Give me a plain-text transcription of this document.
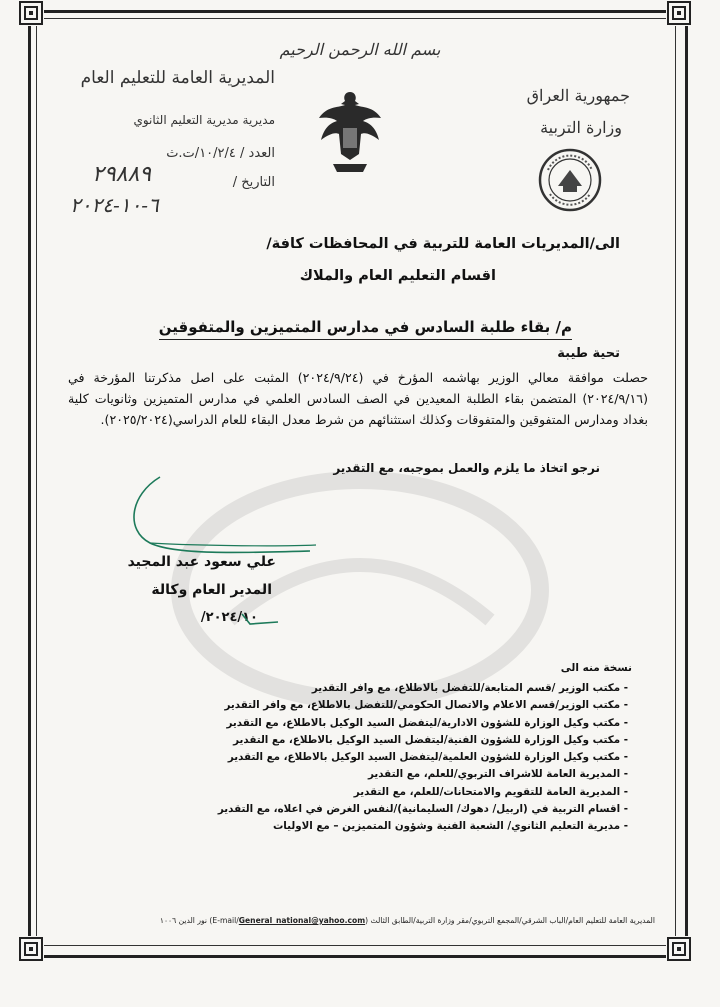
بسم الله الرحمن الرحيم
المديرية العامة للتعليم العام
مديرية مديرية التعليم الثانوي
العدد / ١٠/٢/٤/ت.ث
التاريخ /
٢٩٨٨٩
٦-١٠-٢٠٢٤
جمهورية العراق
وزارة التربية
الى/المديريات العامة للتربية في المحافظات كافة/
اقسام التعليم العام والملاك
م/ بقاء طلبة السادس في مدارس المتميزين والمتفوقين
تحية طيبة
حصلت موافقة معالي الوزير بهاشمه المؤرخ في (٢٠٢٤/٩/٢٤) المثبت على اصل مذكرتنا المؤرخة في (٢٠٢٤/٩/١٦) المتضمن بقاء الطلبة المعيدين في الصف السادس العلمي في مدارس المتميزين وثانويات كلية بغداد ومدارس المتفوقين والمتفوقات وكذلك استثنائهم من شرط معدل البقاء للعام الدراسي(٢٠٢٥/٢٠٢٤).
نرجو اتخاذ ما يلزم والعمل بموجبه، مع التقدير
علي سعود عبد المجيد
المدير العام وكالة
٢٠٢٤/١٠/
نسخة منه الى
- مكتب الوزير /قسم المتابعة/للتفضل بالاطلاع، مع وافر التقدير
- مكتب الوزير/قسم الاعلام والاتصال الحكومي/للتفضل بالاطلاع، مع وافر التقدير
- مكتب وكيل الوزارة للشؤون الادارية/ليتفضل السيد الوكيل بالاطلاع، مع التقدير
- مكتب وكيل الوزارة للشؤون الفنية/ليتفضل السيد الوكيل بالاطلاع، مع التقدير
- مكتب وكيل الوزارة للشؤون العلمية/ليتفضل السيد الوكيل بالاطلاع، مع التقدير
- المديرية العامة للاشراف التربوي/للعلم، مع التقدير
- المديرية العامة للتقويم والامتحانات/للعلم، مع التقدير
- اقسام التربية في (اربيل/ دهوك/ السليمانية)/لنفس الغرض في اعلاه، مع التقدير
- مديرية التعليم الثانوي/ الشعبة الفنية وشؤون المتميزين – مع الاوليات
المديرية العامة للتعليم العام/الباب الشرقي/المجمع التربوي/مقر وزارة التربية/الطابق الثالث (E-mail/General_national@yahoo.com) نور الدين ١٠٠٦
